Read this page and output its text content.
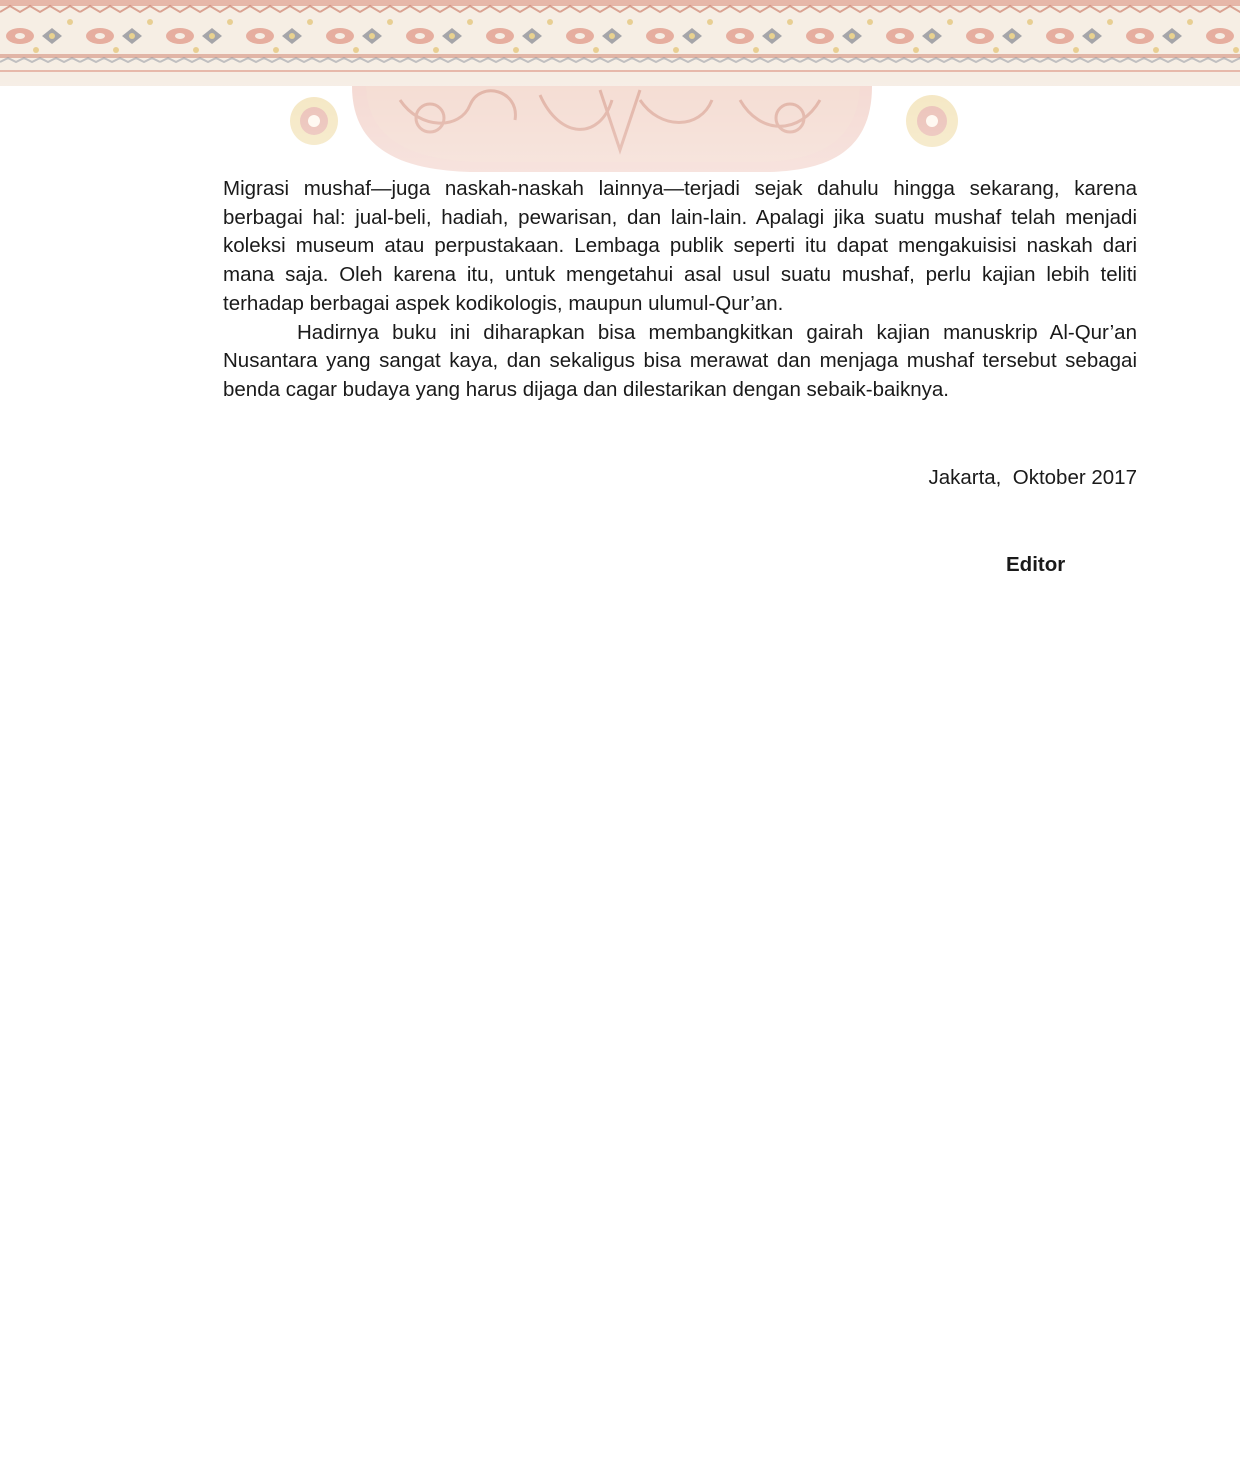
Migrasi mushaf—juga naskah-naskah lainnya—terjadi sejak dahulu hingga sekarang, karena berbagai hal: jual-beli, hadiah, pewarisan, dan lain-lain. Apalagi jika suatu mushaf telah menjadi koleksi museum atau perpustakaan. Lembaga publik seperti itu dapat mengakuisisi naskah dari mana saja. Oleh karena itu, untuk mengetahui asal usul suatu mushaf, perlu kajian lebih teliti terhadap berbagai aspek kodikologis, maupun ulumul-Qur’an.

Hadirnya buku ini diharapkan bisa membangkitkan gairah kajian manuskrip Al-Qur’an Nusantara yang sangat kaya, dan sekaligus bisa merawat dan menjaga mushaf tersebut sebagai benda cagar budaya yang harus dijaga dan dilestarikan dengan sebaik-baiknya.

Jakarta,  Oktober 2017
Editor
